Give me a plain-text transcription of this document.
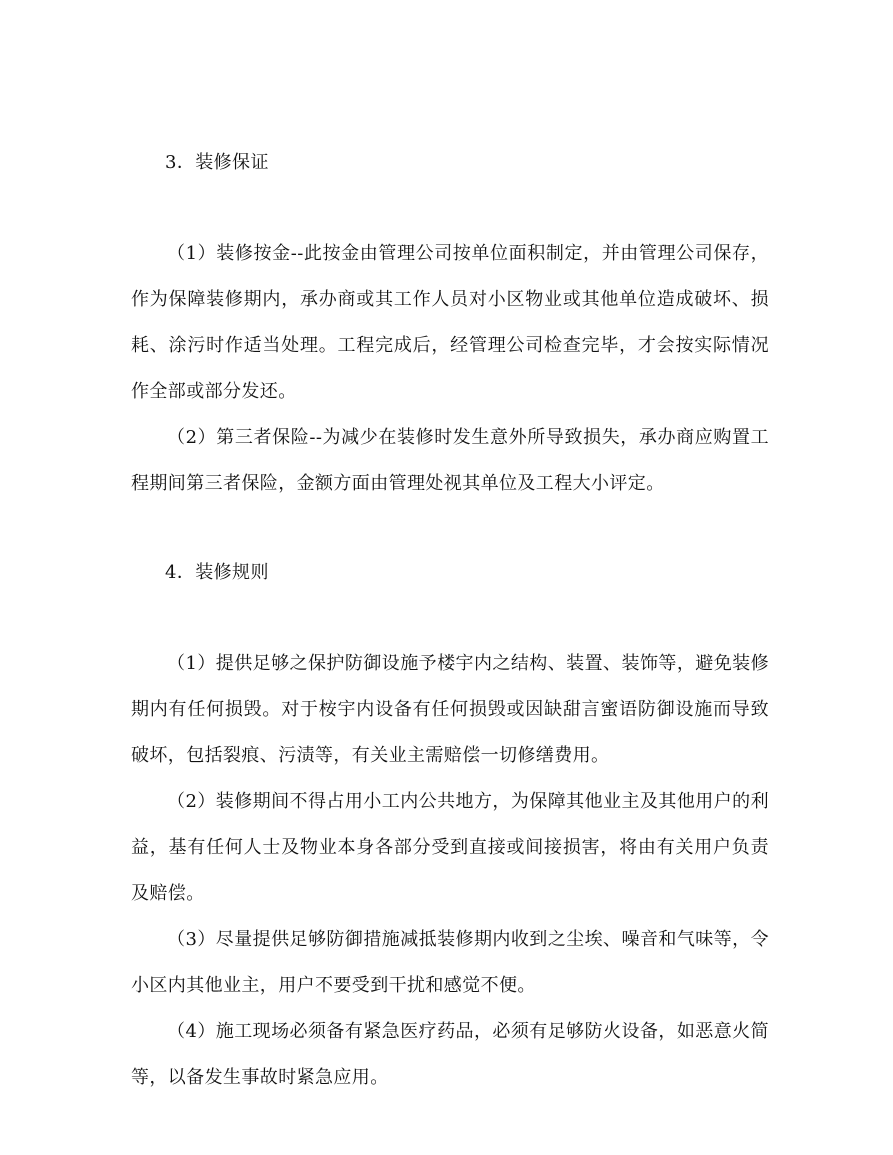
3．装修保证

（1）装修按金--此按金由管理公司按单位面积制定，并由管理公司保存，作为保障装修期内，承办商或其工作人员对小区物业或其他单位造成破坏、损耗、涂污时作适当处理。工程完成后，经管理公司检查完毕，才会按实际情况作全部或部分发还。

（2）第三者保险--为减少在装修时发生意外所导致损失，承办商应购置工程期间第三者保险，金额方面由管理处视其单位及工程大小评定。

4．装修规则

（1）提供足够之保护防御设施予楼宇内之结构、装置、装饰等，避免装修期内有任何损毁。对于桉宇内设备有任何损毁或因缺甜言蜜语防御设施而导致破坏，包括裂痕、污渍等，有关业主需赔偿一切修缮费用。

（2）装修期间不得占用小工内公共地方，为保障其他业主及其他用户的利益，基有任何人士及物业本身各部分受到直接或间接损害，将由有关用户负责及赔偿。

（3）尽量提供足够防御措施减抵装修期内收到之尘埃、噪音和气味等，令小区内其他业主，用户不要受到干扰和感觉不便。

（4）施工现场必须备有紧急医疗药品，必须有足够防火设备，如恶意火简等，以备发生事故时紧急应用。
